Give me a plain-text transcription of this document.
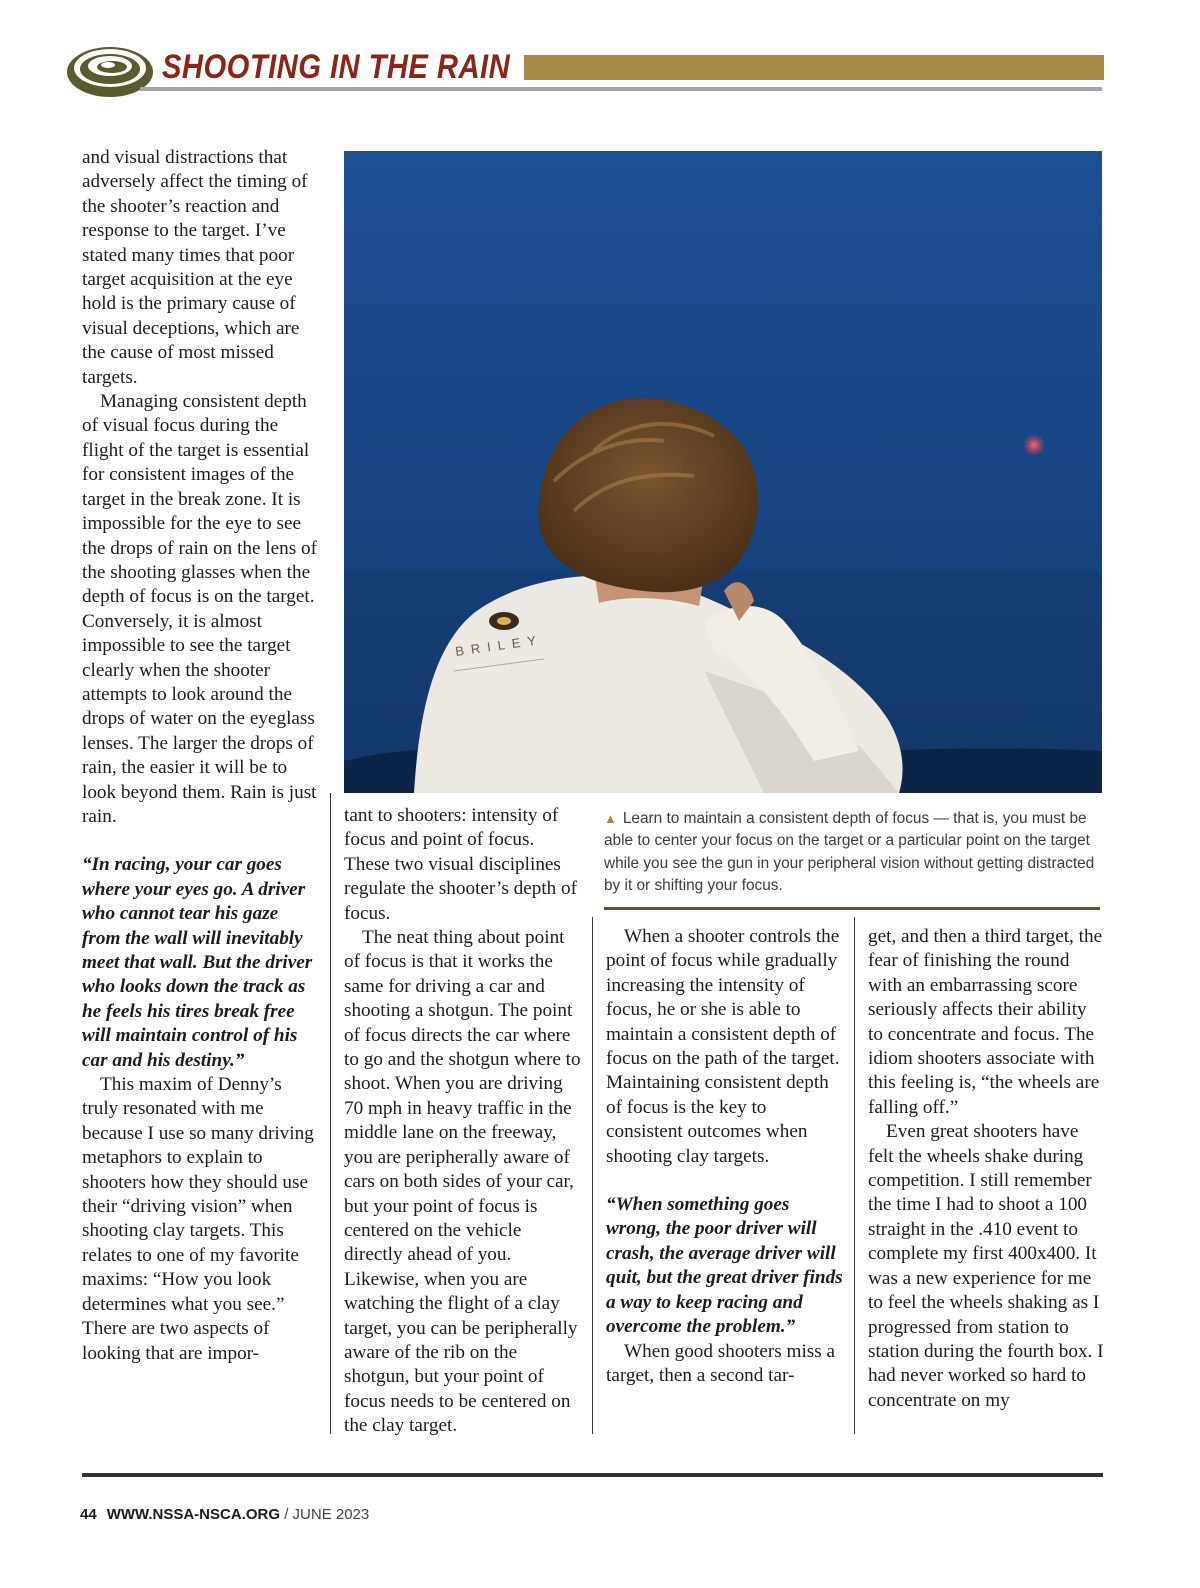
SHOOTING IN THE RAIN

and visual distractions that adversely affect the timing of the shooter’s reaction and response to the target. I’ve stated many times that poor target acquisition at the eye hold is the primary cause of visual deceptions, which are the cause of most missed targets.

Managing consistent depth of visual focus during the flight of the target is essential for consistent images of the target in the break zone. It is impossible for the eye to see the drops of rain on the lens of the shooting glasses when the depth of focus is on the target. Conversely, it is almost impossible to see the target clearly when the shooter attempts to look around the drops of water on the eyeglass lenses. The larger the drops of rain, the easier it will be to look beyond them. Rain is just rain.

“In racing, your car goes where your eyes go. A driver who cannot tear his gaze from the wall will inevitably meet that wall. But the driver who looks down the track as he feels his tires break free will maintain control of his car and his destiny.”

This maxim of Denny’s truly resonated with me because I use so many driving metaphors to explain to shooters how they should use their “driving vision” when shooting clay targets. This relates to one of my favorite maxims: “How you look determines what you see.” There are two aspects of looking that are impor-

BRILEY

▲ Learn to maintain a consistent depth of focus — that is, you must be able to center your focus on the target or a particular point on the target while you see the gun in your peripheral vision without getting distracted by it or shifting your focus.

tant to shooters: intensity of focus and point of focus. These two visual disciplines regulate the shooter’s depth of focus.

The neat thing about point of focus is that it works the same for driving a car and shooting a shotgun. The point of focus directs the car where to go and the shotgun where to shoot. When you are driving 70 mph in heavy traffic in the middle lane on the freeway, you are peripherally aware of cars on both sides of your car, but your point of focus is centered on the vehicle directly ahead of you. Likewise, when you are watching the flight of a clay target, you can be peripherally aware of the rib on the shotgun, but your point of focus needs to be centered on the clay target.

When a shooter controls the point of focus while gradually increasing the intensity of focus, he or she is able to maintain a consistent depth of focus on the path of the target. Maintaining consistent depth of focus is the key to consistent outcomes when shooting clay targets.

“When something goes wrong, the poor driver will crash, the average driver will quit, but the great driver finds a way to keep racing and overcome the problem.”

When good shooters miss a target, then a second tar-

get, and then a third target, the fear of finishing the round with an embarrassing score seriously affects their ability to concentrate and focus. The idiom shooters associate with this feeling is, “the wheels are falling off.”

Even great shooters have felt the wheels shake during competition. I still remember the time I had to shoot a 100 straight in the .410 event to complete my first 400x400. It was a new experience for me to feel the wheels shaking as I progressed from station to station during the fourth box. I had never worked so hard to concentrate on my

44 WWW.NSSA-NSCA.ORG / JUNE 2023
